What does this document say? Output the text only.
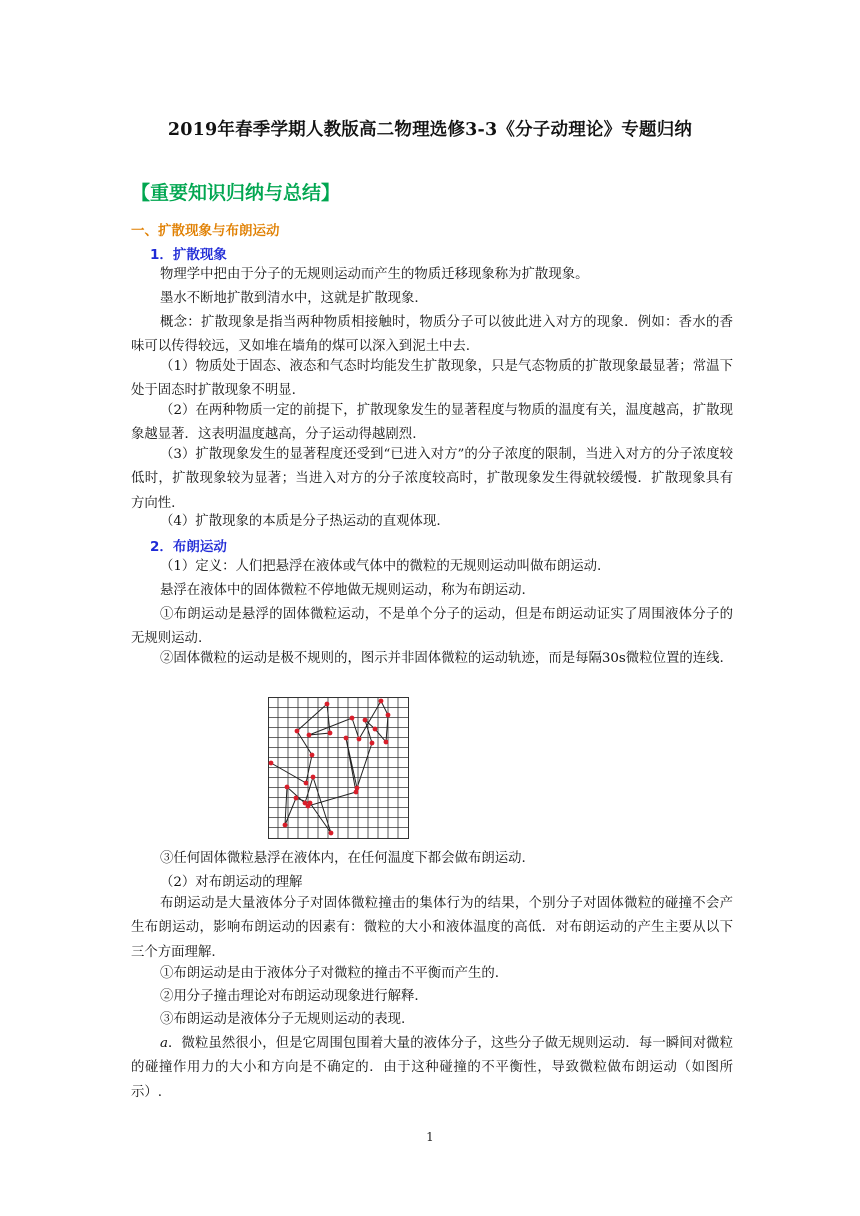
2019年春季学期人教版高二物理选修3-3《分子动理论》专题归纳
【重要知识归纳与总结】
一、扩散现象与布朗运动
1．扩散现象
物理学中把由于分子的无规则运动而产生的物质迁移现象称为扩散现象。
墨水不断地扩散到清水中，这就是扩散现象.
概念：扩散现象是指当两种物质相接触时，物质分子可以彼此进入对方的现象．例如：香水的香味可以传得较远，叉如堆在墙角的煤可以深入到泥土中去.
（1）物质处于固态、液态和气态时均能发生扩散现象，只是气态物质的扩散现象最显著；常温下处于固态时扩散现象不明显.
（2）在两种物质一定的前提下，扩散现象发生的显著程度与物质的温度有关，温度越高，扩散现象越显著．这表明温度越高，分子运动得越剧烈.
（3）扩散现象发生的显著程度还受到“已进入对方”的分子浓度的限制，当进入对方的分子浓度较低时，扩散现象较为显著；当进入对方的分子浓度较高时，扩散现象发生得就较缓慢．扩散现象具有方向性.
（4）扩散现象的本质是分子热运动的直观体现.
2．布朗运动
（1）定义：人们把悬浮在液体或气体中的微粒的无规则运动叫做布朗运动.
悬浮在液体中的固体微粒不停地做无规则运动，称为布朗运动.
①布朗运动是悬浮的固体微粒运动，不是单个分子的运动，但是布朗运动证实了周围液体分子的无规则运动.
②固体微粒的运动是极不规则的，图示并非固体微粒的运动轨迹，而是每隔30s微粒位置的连线.
③任何固体微粒悬浮在液体内，在任何温度下都会做布朗运动.
（2）对布朗运动的理解
布朗运动是大量液体分子对固体微粒撞击的集体行为的结果，个别分子对固体微粒的碰撞不会产生布朗运动，影响布朗运动的因素有：微粒的大小和液体温度的高低．对布朗运动的产生主要从以下三个方面理解.
①布朗运动是由于液体分子对微粒的撞击不平衡而产生的.
②用分子撞击理论对布朗运动现象进行解释.
③布朗运动是液体分子无规则运动的表现.
a．微粒虽然很小，但是它周围包围着大量的液体分子，这些分子做无规则运动．每一瞬间对微粒的碰撞作用力的大小和方向是不确定的．由于这种碰撞的不平衡性，导致微粒做布朗运动（如图所示）.
1
